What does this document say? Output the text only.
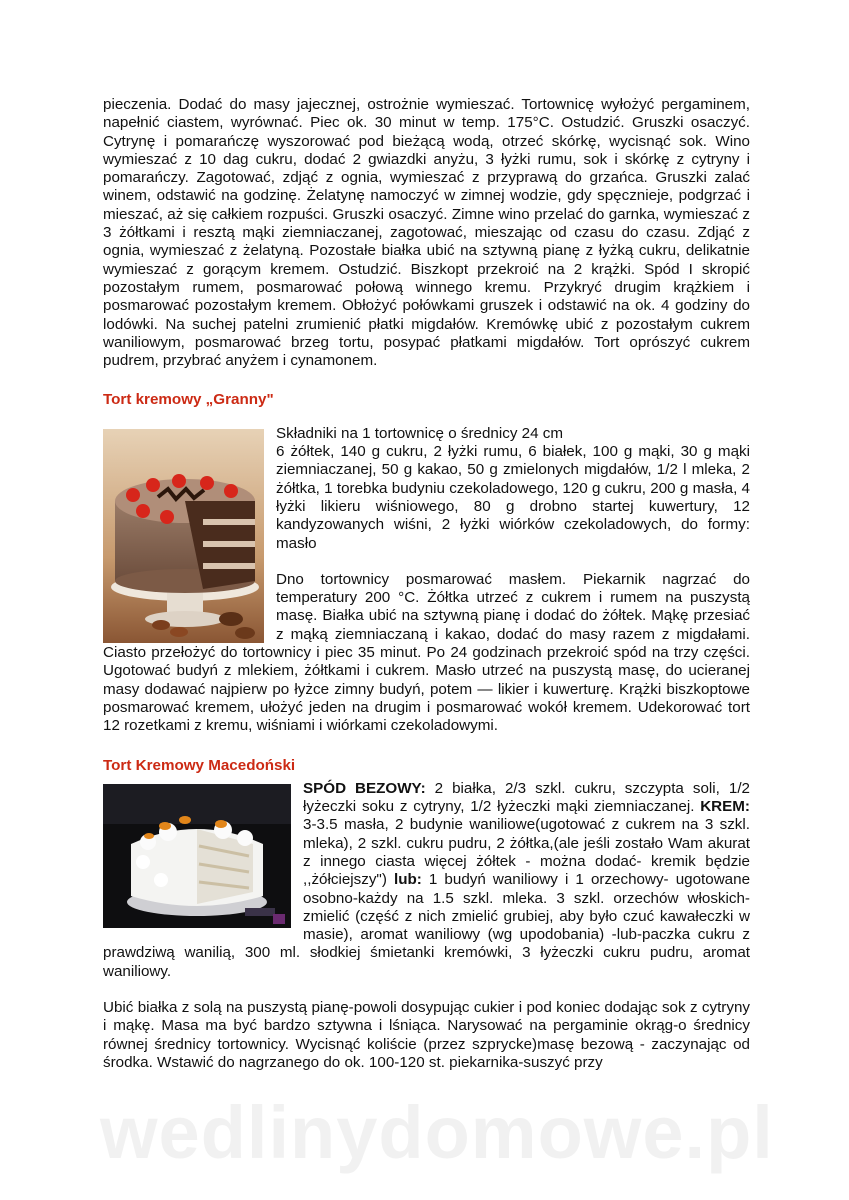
pieczenia. Dodać do masy jajecznej, ostrożnie wymieszać. Tortownicę wyłożyć pergaminem, napełnić ciastem, wyrównać. Piec ok. 30 minut w temp. 175°C. Ostudzić. Gruszki osaczyć. Cytrynę i pomarańczę wyszorować pod bieżącą wodą, otrzeć skórkę, wycisnąć sok. Wino wymieszać z 10 dag cukru, dodać 2 gwiazdki anyżu, 3 łyżki rumu, sok i skórkę z cytryny i pomarańczy. Zagotować, zdjąć z ognia, wymieszać z przyprawą do grzańca. Gruszki zalać winem, odstawić na godzinę. Żelatynę namoczyć w zimnej wodzie, gdy spęcznieje, podgrzać i mieszać, aż się całkiem rozpuści. Gruszki osaczyć. Zimne wino przelać do garnka, wymieszać z 3 żółtkami i resztą mąki ziemniaczanej, zagotować, mieszając od czasu do czasu. Zdjąć z ognia, wymieszać z żelatyną. Pozostałe białka ubić na sztywną pianę z łyżką cukru, delikatnie wymieszać z gorącym kremem. Ostudzić. Biszkopt przekroić na 2 krążki. Spód I skropić pozostałym rumem, posmarować połową winnego kremu. Przykryć drugim krążkiem i posmarować pozostałym kremem. Obłożyć połówkami gruszek i odstawić na ok. 4 godziny do lodówki. Na suchej patelni zrumienić płatki migdałów. Kremówkę ubić z pozostałym cukrem waniliowym, posmarować brzeg tortu, posypać płatkami migdałów. Tort oprószyć cukrem pudrem, przybrać anyżem i cynamonem.

Tort kremowy „Granny"

Składniki na 1 tortownicę o średnicy 24 cm

6 żółtek, 140 g cukru, 2 łyżki rumu, 6 białek, 100 g mąki, 30 g mąki ziemniaczanej, 50 g kakao, 50 g zmielonych migdałów, 1/2 l mleka, 2 żółtka, 1 torebka budyniu czekoladowego, 120 g cukru, 200 g masła, 4 łyżki likieru wiśniowego, 80 g drobno startej kuwertury, 12 kandyzowanych wiśni, 2 łyżki wiórków czekoladowych, do formy: masło

Dno tortownicy posmarować masłem. Piekarnik nagrzać do temperatury 200 °C. Żółtka utrzeć z cukrem i rumem na puszystą masę. Białka ubić na sztywną pianę i dodać do żółtek. Mąkę przesiać z mąką ziemniaczaną i kakao, dodać do masy razem z migdałami. Ciasto przełożyć do tortownicy i piec 35 minut. Po 24 godzinach przekroić spód na trzy części. Ugotować budyń z mlekiem, żółtkami i cukrem. Masło utrzeć na puszystą masę, do ucieranej masy dodawać najpierw po łyżce zimny budyń, potem — likier i kuwerturę. Krążki biszkoptowe posmarować kremem, ułożyć jeden na drugim i posmarować wokół kremem. Udekorować tort 12 rozetkami z kremu, wiśniami i wiórkami czekoladowymi.

Tort Kremowy Macedoński

SPÓD BEZOWY: 2 białka, 2/3 szkl. cukru, szczypta soli, 1/2 łyżeczki soku z cytryny, 1/2 łyżeczki mąki ziemniaczanej. KREM: 3-3.5 masła, 2 budynie waniliowe(ugotować z cukrem na 3 szkl. mleka), 2 szkl. cukru pudru, 2 żółtka,(ale jeśli zostało Wam akurat z innego ciasta więcej żółtek - można dodać- kremik będzie ,,żółciejszy") lub: 1 budyń waniliowy i 1 orzechowy- ugotowane osobno-każdy na 1.5 szkl. mleka. 3 szkl. orzechów włoskich- zmielić (część z nich zmielić grubiej, aby było czuć kawałeczki w masie), aromat waniliowy (wg upodobania) -lub-paczka cukru z prawdziwą wanilią, 300 ml. słodkiej śmietanki kremówki, 3 łyżeczki cukru pudru, aromat waniliowy.

Ubić białka z solą na puszystą pianę-powoli dosypując cukier i pod koniec dodając sok z cytryny i mąkę. Masa ma być bardzo sztywna i lśniąca. Narysować na pergaminie okrąg-o średnicy równej średnicy tortownicy. Wycisnąć koliście (przez szprycke)masę bezową - zaczynając od środka. Wstawić do nagrzanego do ok. 100-120 st. piekarnika-suszyć przy

wedlinydomowe.pl
